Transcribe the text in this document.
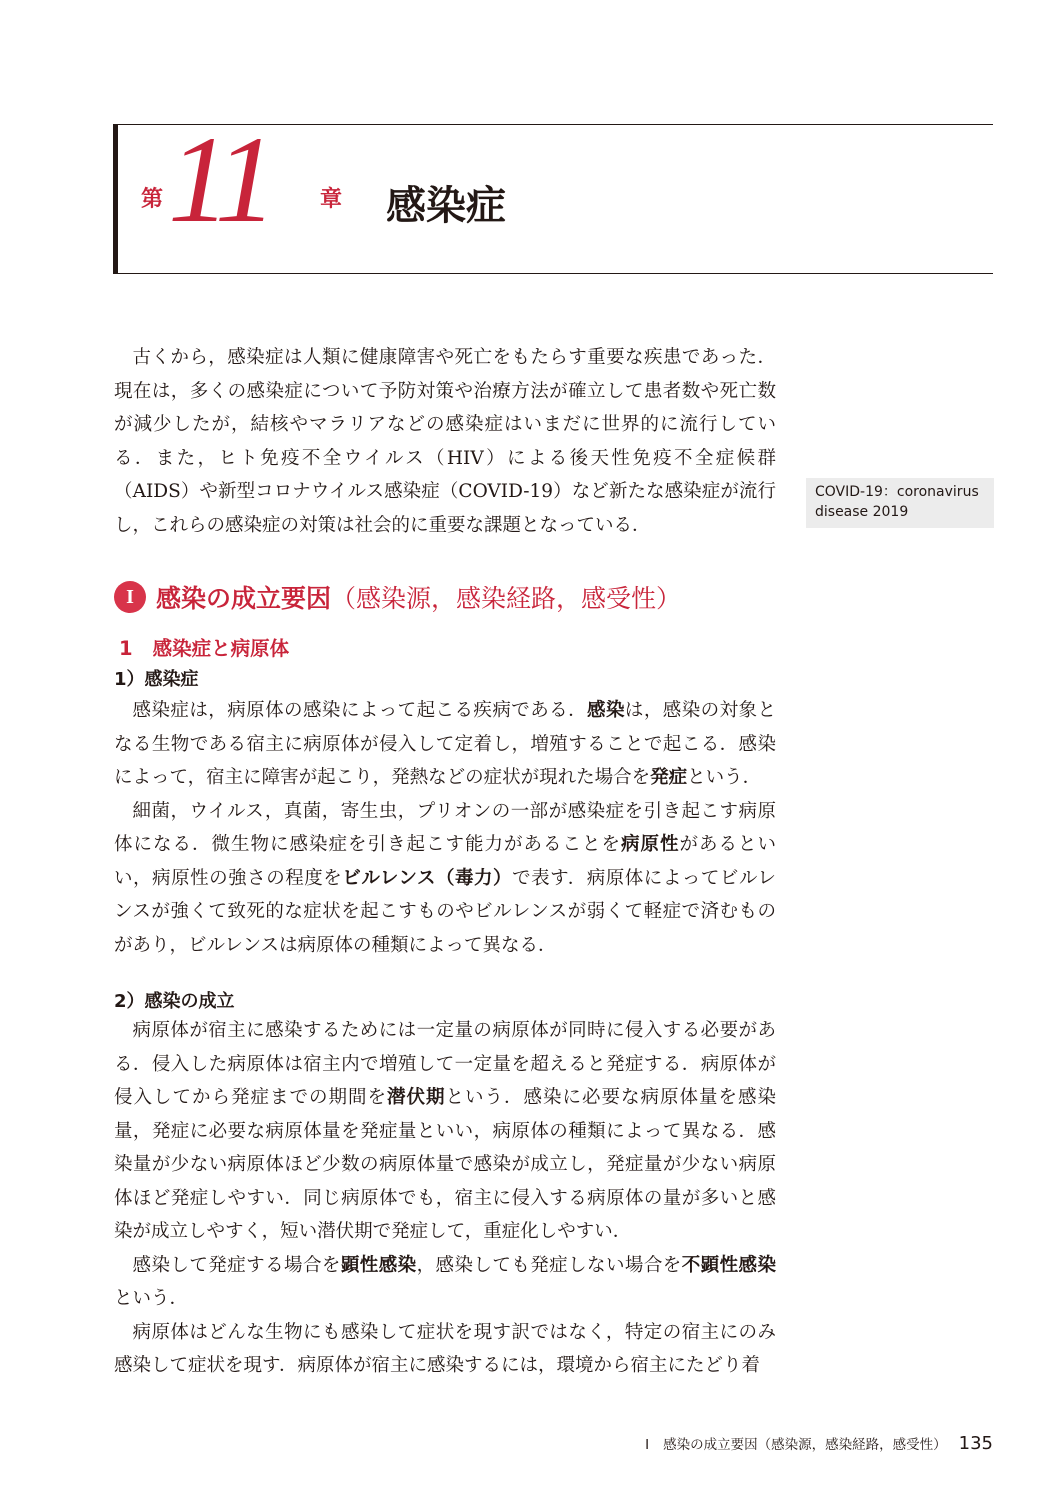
第 11 章 感染症

古くから，感染症は人類に健康障害や死亡をもたらす重要な疾患であった．現在は，多くの感染症について予防対策や治療方法が確立して患者数や死亡数が減少したが，結核やマラリアなどの感染症はいまだに世界的に流行している．また，ヒト免疫不全ウイルス（HIV）による後天性免疫不全症候群（AIDS）や新型コロナウイルス感染症（COVID-19）など新たな感染症が流行し，これらの感染症の対策は社会的に重要な課題となっている．

COVID-19：coronavirus disease 2019
I 感染の成立要因（感染源，感染経路，感受性）
1 感染症と病原体
1）感染症

感染症は，病原体の感染によって起こる疾病である．感染は，感染の対象となる生物である宿主に病原体が侵入して定着し，増殖することで起こる．感染によって，宿主に障害が起こり，発熱などの症状が現れた場合を発症という．

細菌，ウイルス，真菌，寄生虫，プリオンの一部が感染症を引き起こす病原体になる．微生物に感染症を引き起こす能力があることを病原性があるといい，病原性の強さの程度をビルレンス（毒力）で表す．病原体によってビルレンスが強くて致死的な症状を起こすものやビルレンスが弱くて軽症で済むものがあり，ビルレンスは病原体の種類によって異なる．

2）感染の成立

病原体が宿主に感染するためには一定量の病原体が同時に侵入する必要がある．侵入した病原体は宿主内で増殖して一定量を超えると発症する．病原体が侵入してから発症までの期間を潜伏期という．感染に必要な病原体量を感染量，発症に必要な病原体量を発症量といい，病原体の種類によって異なる．感染量が少ない病原体ほど少数の病原体量で感染が成立し，発症量が少ない病原体ほど発症しやすい．同じ病原体でも，宿主に侵入する病原体の量が多いと感染が成立しやすく，短い潜伏期で発症して，重症化しやすい．

感染して発症する場合を顕性感染，感染しても発症しない場合を不顕性感染という．

病原体はどんな生物にも感染して症状を現す訳ではなく，特定の宿主にのみ感染して症状を現す．病原体が宿主に感染するには，環境から宿主にたどり着

I 感染の成立要因（感染源，感染経路，感受性） 135
